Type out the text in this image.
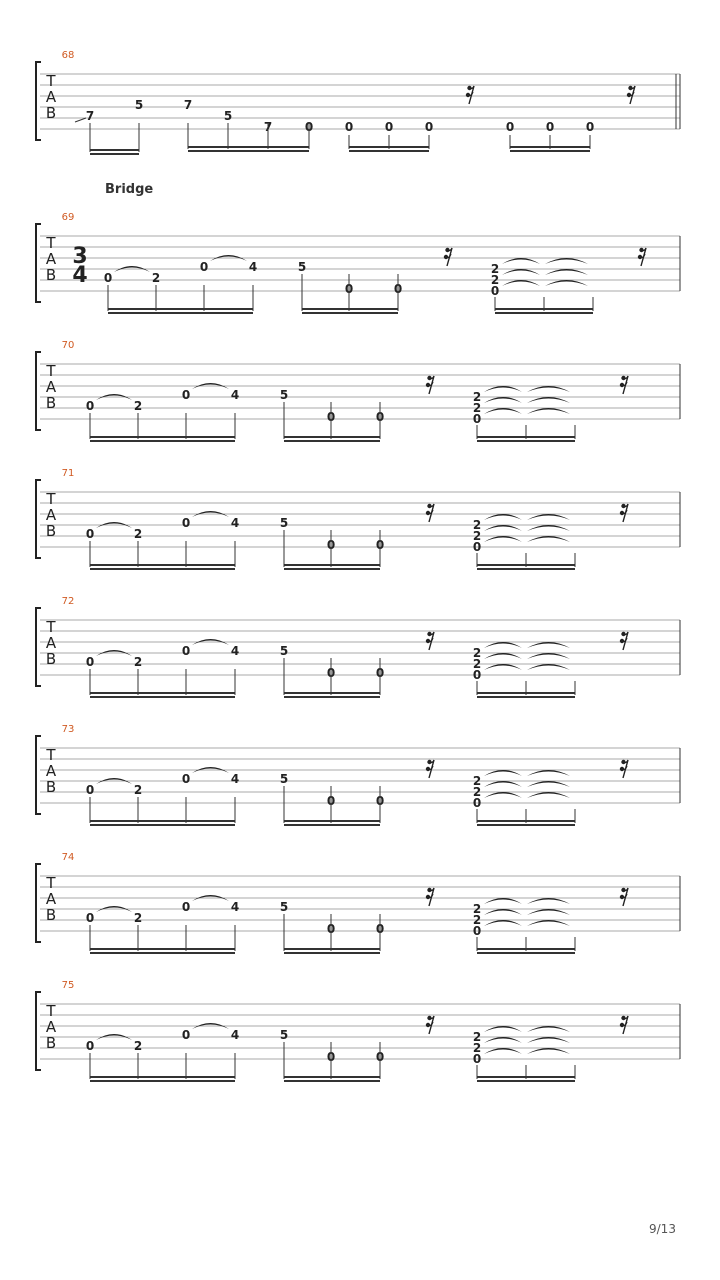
T
A
B
68
7
5	7
5
7	0	0	0	0	0	0	0
T
A
B
69
3
4 0	2
0	4	5
0	0
2
2
0
T
A
B
70
0	2
0	4	5
0	0
2
2
0
T
A
B
71
0	2
0	4	5
0	0
2
2
0
T
A
B
72
0	2
0	4	5
0	0
2
2
0
T
A
B
73
0	2
0	4	5
0	0
2
2
0
T
A
B
74
0	2
0	4	5
0	0
2
2
0
T
A
B
75
0	2
0	4	5
0	0
2
2
0
Bridge
9/13
